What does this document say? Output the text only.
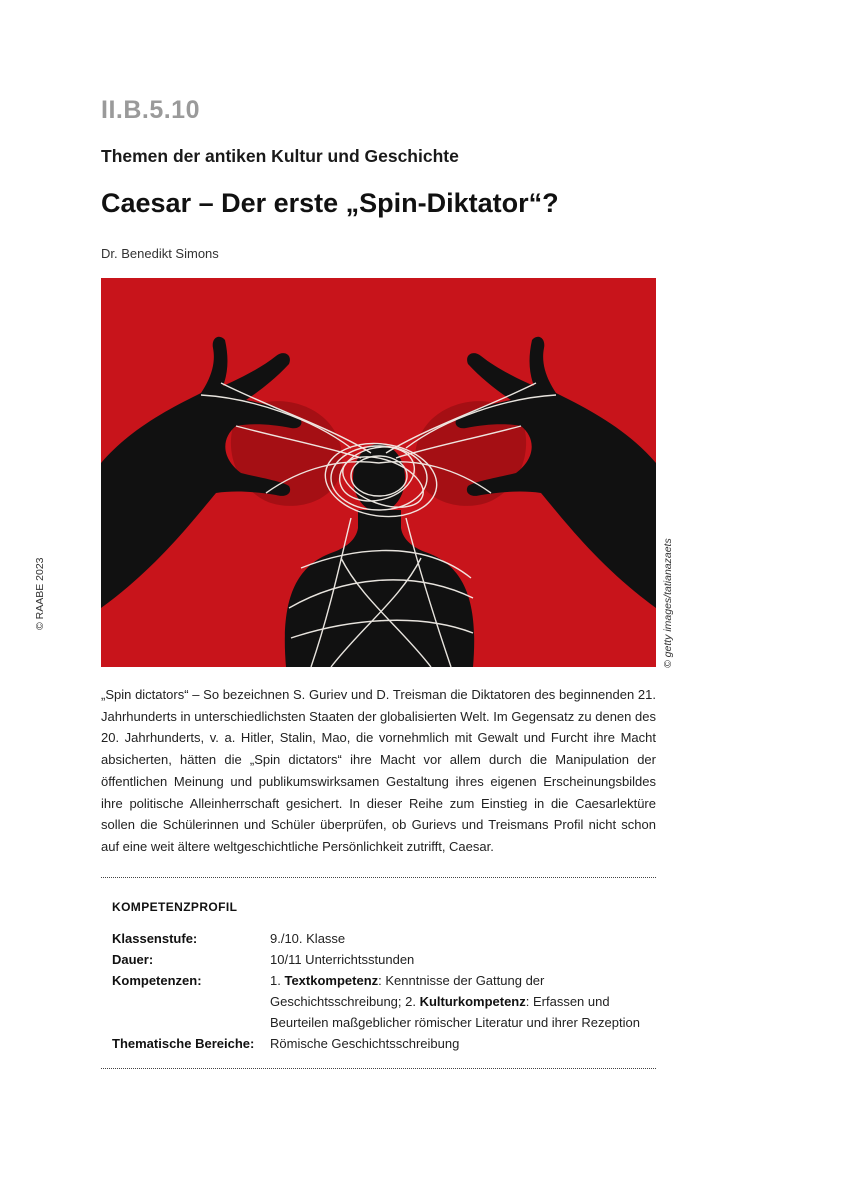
II.B.5.10
Themen der antiken Kultur und Geschichte
Caesar – Der erste „Spin-Diktator“?
Dr. Benedikt Simons
© RAABE 2023	© getty images/tatianazaets

„Spin dictators“ – So bezeichnen S. Guriev und D. Treisman die Diktatoren des beginnenden 21. Jahrhunderts in unterschiedlichsten Staaten der globalisierten Welt. Im Gegensatz zu denen des 20. Jahrhunderts, v. a. Hitler, Stalin, Mao, die vornehmlich mit Gewalt und Furcht ihre Macht absicherten, hätten die „Spin dictators“ ihre Macht vor allem durch die Manipulation der öffentlichen Meinung und publikumswirksamen Gestaltung ihres eigenen Erscheinungsbildes ihre politische Alleinherrschaft gesichert. In dieser Reihe zum Einstieg in die Caesarlektüre sollen die Schülerinnen und Schüler überprüfen, ob Gurievs und Treismans Profil nicht schon auf eine weit ältere weltgeschichtliche Persönlichkeit zutrifft, Caesar.

KOMPETENZPROFIL
Klassenstufe:	9./10. Klasse
Dauer:	10/11 Unterrichtsstunden
Kompetenzen:	1. Textkompetenz: Kenntnisse der Gattung der Geschichtsschreibung; 2. Kulturkompetenz: Erfassen und Beurteilen maßgeblicher römischer Literatur und ihrer Rezeption
Thematische Bereiche:	Römische Geschichtsschreibung
